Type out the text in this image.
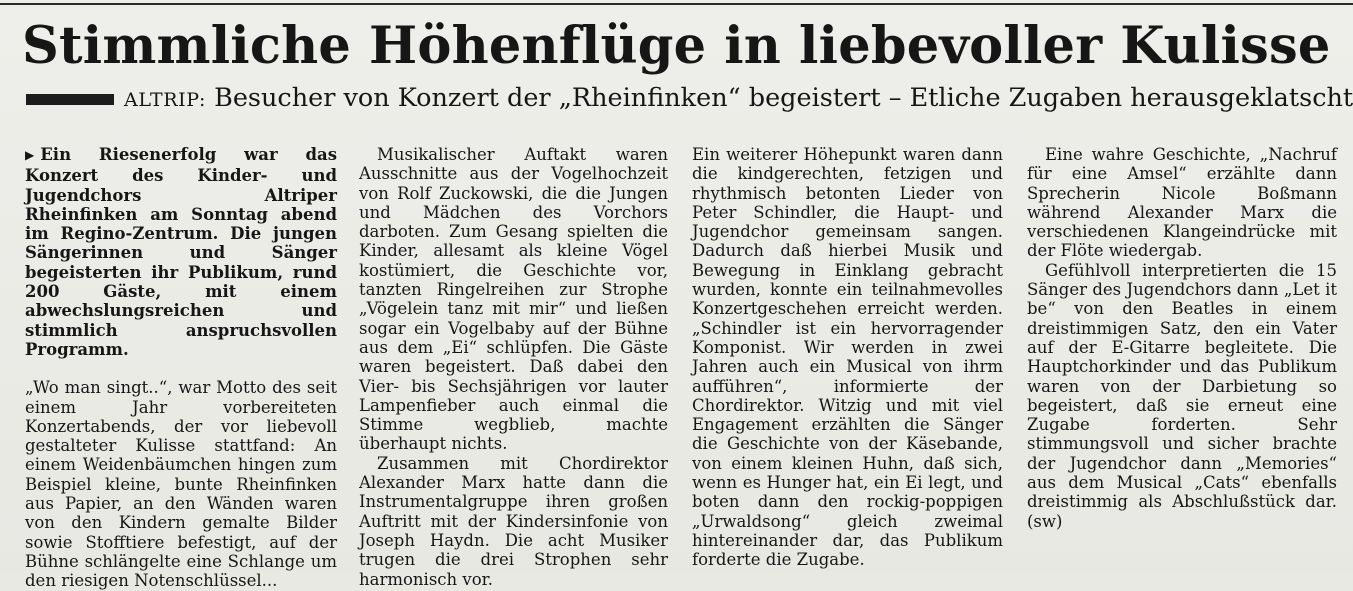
Stimmliche Höhenflüge in liebevoller Kulisse
ALTRIP: Besucher von Konzert der „Rheinfinken“ begeistert – Etliche Zugaben herausgeklatscht

▶ Ein Riesenerfolg war das Konzert des Kinder- und Jugendchors Altriper Rheinfinken am Sonntag abend im Regino-Zentrum. Die jungen Sängerinnen und Sänger begeisterten ihr Publikum, rund 200 Gäste, mit einem abwechslungsreichen und stimmlich anspruchsvollen Programm.

„Wo man singt..“, war Motto des seit einem Jahr vorbereiteten Konzertabends, der vor liebevoll gestalteter Kulisse stattfand: An einem Weidenbäumchen hingen zum Beispiel kleine, bunte Rheinfinken aus Papier, an den Wänden waren von den Kindern gemalte Bilder sowie Stofftiere befestigt, auf der Bühne schlängelte eine Schlange um den riesigen Notenschlüssel...

Musikalischer Auftakt waren Ausschnitte aus der Vogelhochzeit von Rolf Zuckowski, die die Jungen und Mädchen des Vorchors darboten. Zum Gesang spielten die Kinder, allesamt als kleine Vögel kostümiert, die Geschichte vor, tanzten Ringelreihen zur Strophe „Vögelein tanz mit mir“ und ließen sogar ein Vogelbaby auf der Bühne aus dem „Ei“ schlüpfen. Die Gäste waren begeistert. Daß dabei den Vier- bis Sechsjährigen vor lauter Lampenfieber auch einmal die Stimme wegblieb, machte überhaupt nichts.

Zusammen mit Chordirektor Alexander Marx hatte dann die Instrumentalgruppe ihren großen Auftritt mit der Kindersinfonie von Joseph Haydn. Die acht Musiker trugen die drei Strophen sehr harmonisch vor.

Ein weiterer Höhepunkt waren dann die kindgerechten, fetzigen und rhythmisch betonten Lieder von Peter Schindler, die Haupt- und Jugendchor gemeinsam sangen. Dadurch daß hierbei Musik und Bewegung in Einklang gebracht wurden, konnte ein teilnahmevolles Konzertgeschehen erreicht werden. „Schindler ist ein hervorragender Komponist. Wir werden in zwei Jahren auch ein Musical von ihrm aufführen“, informierte der Chordirektor. Witzig und mit viel Engagement erzählten die Sänger die Geschichte von der Käsebande, von einem kleinen Huhn, daß sich, wenn es Hunger hat, ein Ei legt, und boten dann den rockig-poppigen „Urwaldsong“ gleich zweimal hintereinander dar, das Publikum forderte die Zugabe.

Eine wahre Geschichte, „Nachruf für eine Amsel“ erzählte dann Sprecherin Nicole Boßmann während Alexander Marx die verschiedenen Klangeindrücke mit der Flöte wiedergab.

Gefühlvoll interpretierten die 15 Sänger des Jugendchors dann „Let it be“ von den Beatles in einem dreistimmigen Satz, den ein Vater auf der E-Gitarre begleitete. Die Hauptchorkinder und das Publikum waren von der Darbietung so begeistert, daß sie erneut eine Zugabe forderten. Sehr stimmungsvoll und sicher brachte der Jugendchor dann „Memories“ aus dem Musical „Cats“ ebenfalls dreistimmig als Abschlußstück dar. (sw)
